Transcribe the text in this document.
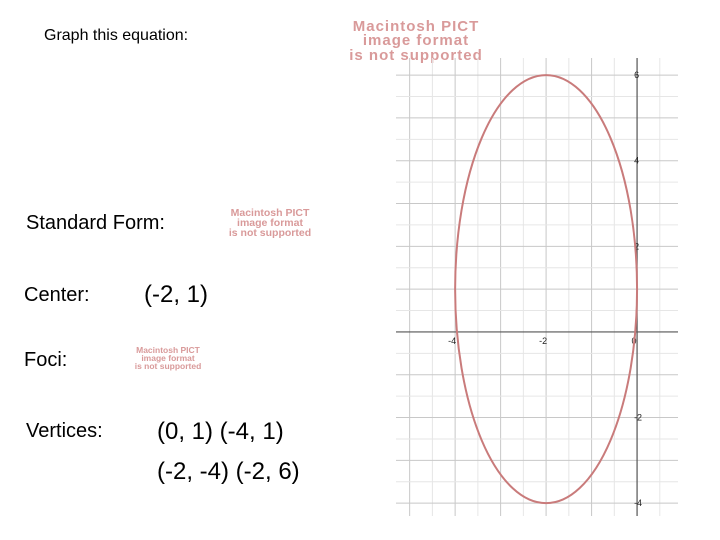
Graph this equation:
Macintosh PICT
image format
is not supported
Standard Form:	Macintosh PICT
image format
is not supported
Center: (-2, 1)
Foci:	Macintosh PICT
image format
is not supported
Vertices: (0, 1) (-4, 1)
(-2, -4) (-2, 6)
-4	-2	0
-4
-2
2
4
6
